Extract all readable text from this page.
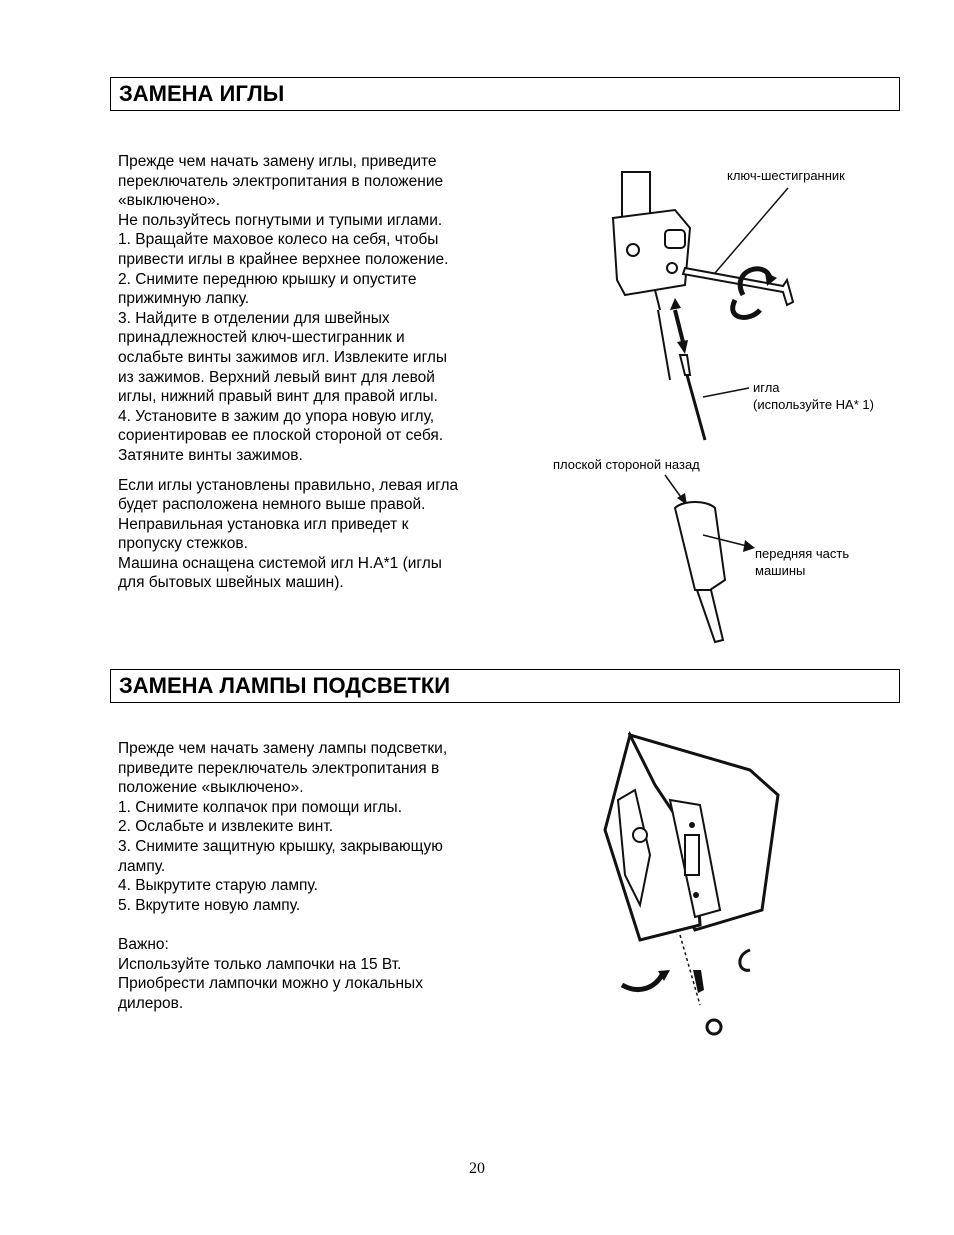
ЗАМЕНА ИГЛЫ

Прежде чем начать замену иглы, приведите

переключатель электропитания в положение

«выключено».

Не пользуйтесь погнутыми и тупыми иглами.

1. Вращайте маховое колесо на себя, чтобы

привести иглы в крайнее верхнее положение.

2. Снимите переднюю крышку и опустите

прижимную лапку.

3. Найдите в отделении для швейных

принадлежностей ключ-шестигранник и

ослабьте винты зажимов игл. Извлеките иглы

из зажимов. Верхний левый винт для левой

иглы, нижний правый винт для правой иглы.

4. Установите в зажим до упора новую иглу,

сориентировав ее плоской стороной от себя.

Затяните винты зажимов.

Если иглы установлены правильно, левая игла

будет расположена немного выше правой.

Неправильная установка игл приведет к

пропуску стежков.

Машина оснащена системой игл Н.А*1 (иглы

для бытовых швейных машин).

ключ-шестигранник
игла
(используйте HA* 1)
плоской стороной назад
передняя часть
машины
ЗАМЕНА ЛАМПЫ ПОДСВЕТКИ

Прежде чем начать замену лампы подсветки,

приведите переключатель электропитания в

положение «выключено».

1. Снимите колпачок при помощи иглы.

2. Ослабьте и извлеките винт.

3. Снимите защитную крышку, закрывающую

лампу.

4. Выкрутите старую лампу.

5. Вкрутите новую лампу.

Важно:

Используйте только лампочки на 15 Вт.

Приобрести лампочки можно у локальных

дилеров.

20
